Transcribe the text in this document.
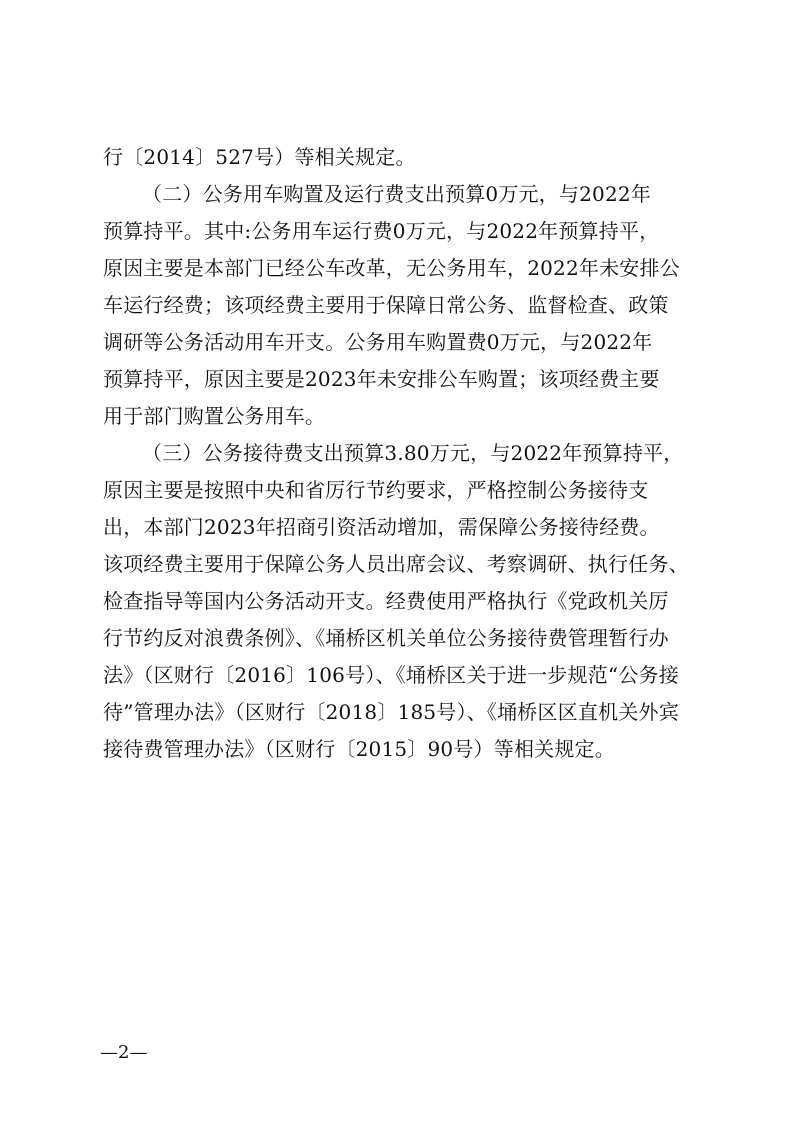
行〔2014〕527号）等相关规定。
（二）公务用车购置及运行费支出预算0万元，与2022年
预算持平。其中:公务用车运行费0万元，与2022年预算持平，
原因主要是本部门已经公车改革，无公务用车，2022年未安排公
车运行经费；该项经费主要用于保障日常公务、监督检查、政策
调研等公务活动用车开支。公务用车购置费0万元，与2022年
预算持平，原因主要是2023年未安排公车购置；该项经费主要
用于部门购置公务用车。
（三）公务接待费支出预算3.80万元，与2022年预算持平，
原因主要是按照中央和省厉行节约要求，严格控制公务接待支
出，本部门2023年招商引资活动增加，需保障公务接待经费。
该项经费主要用于保障公务人员出席会议、考察调研、执行任务、
检查指导等国内公务活动开支。经费使用严格执行《党政机关厉
行节约反对浪费条例》、《埇桥区机关单位公务接待费管理暂行办
法》（区财行〔2016〕106号）、《埇桥区关于进一步规范“公务接
待”管理办法》（区财行〔2018〕185号）、《埇桥区区直机关外宾
接待费管理办法》（区财行〔2015〕90号）等相关规定。
—2—
